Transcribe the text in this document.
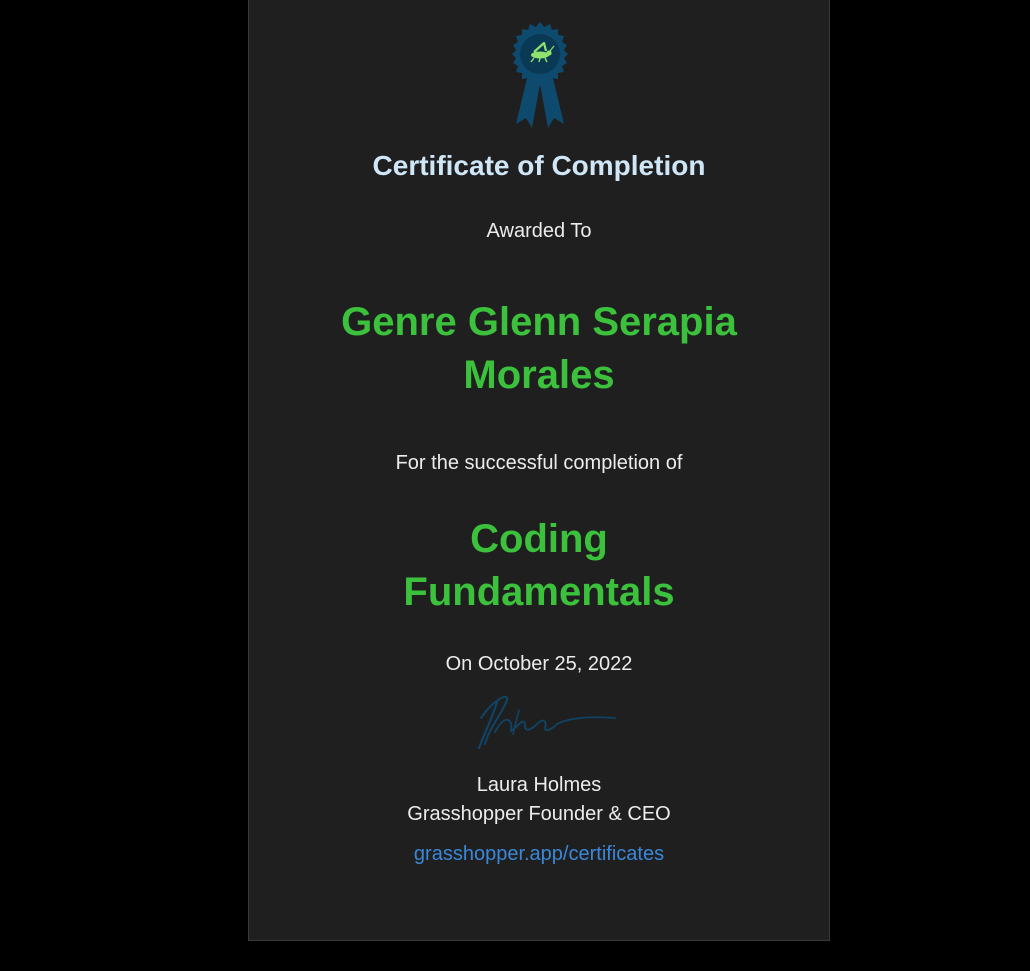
Certificate of Completion
Awarded To
Genre Glenn Serapia
Morales
For the successful completion of
Coding
Fundamentals
On October 25, 2022
Laura Holmes
Grasshopper Founder & CEO
grasshopper.app/certificates
